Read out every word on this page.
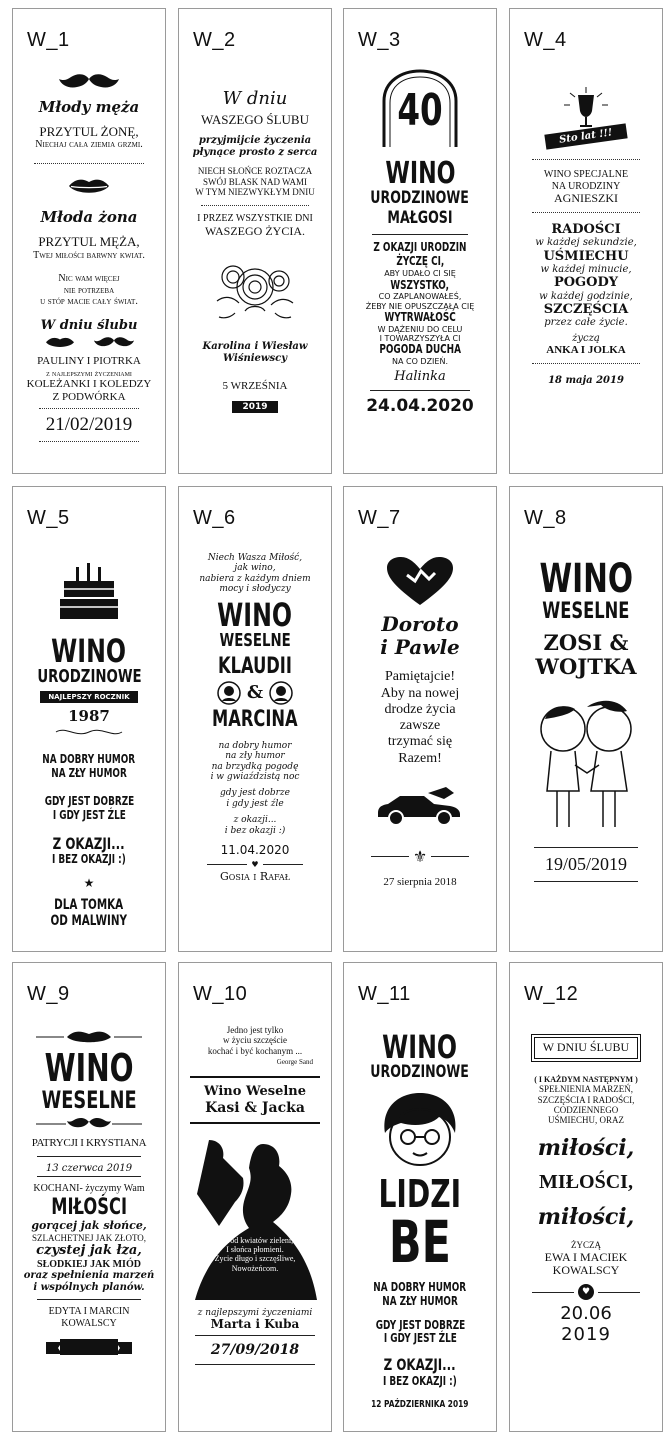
W_1
Młody męża
PRZYTUL ŻONĘ,
Niechaj cała ziemia grzmi.
Młoda żona
PRZYTUL MĘŻA,
Twej miłości barwny kwiat.
Nic wam więcej
nie potrzeba
u stóp macie cały świat.
W dniu ślubu
PAULINY I PIOTRKA
z najlepszymi życzeniami
KOLEŻANKI I KOLEDZY
Z PODWÓRKA
21/02/2019
W_2
W dniu
WASZEGO ŚLUBU
przyjmijcie życzenia
płynące prosto z serca
NIECH SŁOŃCE ROZTACZA
SWÓJ BLASK NAD WAMI
W TYM NIEZWYKŁYM DNIU
I PRZEZ WSZYSTKIE DNI
WASZEGO ŻYCIA.
Karolina i Wiesław
Wiśniewscy
5 WRZEŚNIA
2019
W_3
40
WINO
URODZINOWE
MAŁGOSI
Z OKAZJI URODZIN
ŻYCZĘ CI,
ABY UDAŁO CI SIĘ
WSZYSTKO,
CO ZAPLANOWAŁEŚ,
ŻEBY NIE OPUSZCZAŁA CIĘ
WYTRWAŁOŚĆ
W DĄŻENIU DO CELU
I TOWARZYSZYŁA CI
POGODA DUCHA
NA CO DZIEŃ.
Halinka
24.04.2020
W_4
Sto lat !!!
WINO SPECJALNE
NA URODZINY
AGNIESZKI
RADOŚCI
w każdej sekundzie,
UŚMIECHU
w każdej minucie,
POGODY
w każdej godzinie,
SZCZĘŚCIA
przez całe życie.
życzą
ANKA I JOLKA
18 maja 2019
W_5
WINO
URODZINOWE
NAJLEPSZY ROCZNIK
1987
NA DOBRY HUMOR
NA ZŁY HUMOR
GDY JEST DOBRZE
I GDY JEST ŹLE
Z OKAZJI...
I BEZ OKAZJI :)
★
DLA TOMKA
OD MALWINY
W_6
Niech Wasza Miłość,
jak wino,
nabiera z każdym dniem
mocy i słodyczy
WINO
WESELNE
KLAUDII
&
MARCINA
na dobry humor
na zły humor
na brzydką pogodę
i w gwiaździstą noc
gdy jest dobrze
i gdy jest źle
z okazji...
i bez okazji :)
11.04.2020
♥
Gosia i Rafał
W_7
Doroto
i Pawle
Pamiętajcie!
Aby na nowej
drodze życia
zawsze
trzymać się
Razem!
⚜
27 sierpnia 2018
W_8
WINO
WESELNE
ZOSI &
WOJTKA
19/05/2019
W_9
WINO
WESELNE
PATRYCJI I KRYSTIANA
13 czerwca 2019
KOCHANI- życzymy Wam
MIŁOŚCI
gorącej jak słońce,
SZLACHETNEJ JAK ZŁOTO,
czystej jak łza,
SŁODKIEJ JAK MIÓD
oraz spełnienia marzeń
i wspólnych planów.
EDYTA I MARCIN
KOWALSCY
W_10
Jedno jest tylko
w życiu szczęście
kochać i być kochanym ...
George Sand
Wino Weselne
Kasi & Jacka
Wśród kwiatów zieleni,
I słońca płomieni.
Życie długo i szczęśliwe,
Nowożeńcom.
z najlepszymi życzeniami
Marta i Kuba
27/09/2018
W_11
WINO
URODZINOWE
LIDZI
BE
NA DOBRY HUMOR
NA ZŁY HUMOR
GDY JEST DOBRZE
I GDY JEST ŹLE
Z OKAZJI...
I BEZ OKAZJI :)
12 PAŹDZIERNIKA 2019
W_12
W DNIU ŚLUBU
( I KAŻDYM NASTĘPNYM )
SPEŁNIENIA MARZEŃ,
SZCZĘŚCIA I RADOŚCI,
CODZIENNEGO
UŚMIECHU, ORAZ
miłości,
MIŁOŚCI,
miłości,
ŻYCZĄ
EWA I MACIEK
KOWALSCY
♥
20.06
2019
